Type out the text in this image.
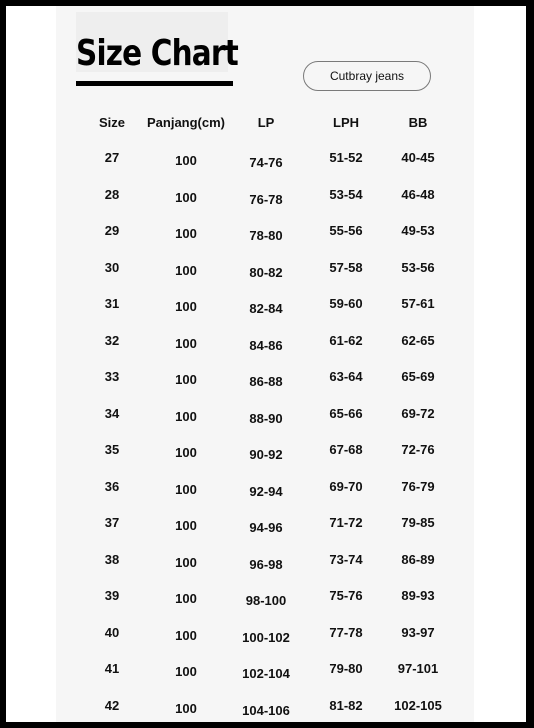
Size Chart
Cutbray jeans
Size Panjang(cm)	LP	LPH	BB
27	100	74-76	51-52	40-45
28	100	76-78	53-54	46-48
29	100	78-80	55-56	49-53
30	100	80-82	57-58	53-56
31	100	82-84	59-60	57-61
32	100	84-86	61-62	62-65
33	100	86-88	63-64	65-69
34	100	88-90	65-66	69-72
35	100	90-92	67-68	72-76
36	100	92-94	69-70	76-79
37	100	94-96	71-72	79-85
38	100	96-98	73-74	86-89
39	100	98-100	75-76	89-93
40	100	100-102	77-78	93-97
41	100	102-104	79-80	97-101
42	100	104-106	81-82 102-105
